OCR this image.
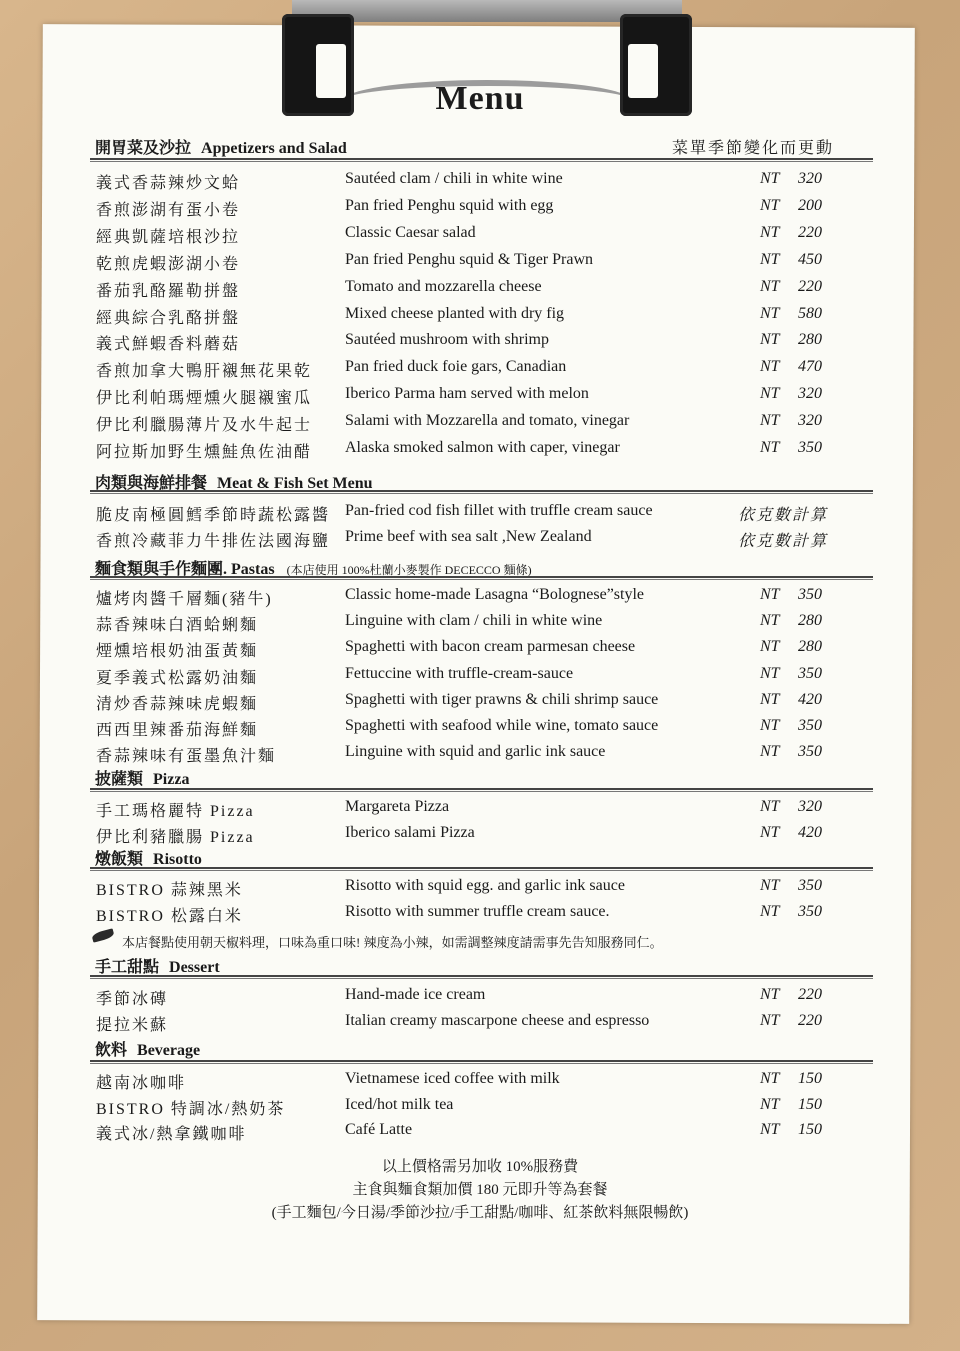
Menu
開胃菜及沙拉 Appetizers and Salad	菜單季節變化而更動
義式香蒜辣炒文蛤	Sautéed clam / chili in white wine	NT 320
香煎澎湖有蛋小卷	Pan fried Penghu squid with egg	NT 200
經典凱薩培根沙拉	Classic Caesar salad	NT 220
乾煎虎蝦澎湖小卷	Pan fried Penghu squid & Tiger Prawn	NT 450
番茄乳酪羅勒拼盤	Tomato and mozzarella cheese	NT 220
經典綜合乳酪拼盤	Mixed cheese planted with dry fig	NT 580
義式鮮蝦香料蘑菇	Sautéed mushroom with shrimp	NT 280
香煎加拿大鴨肝襯無花果乾 Pan fried duck foie gars, Canadian	NT 470
伊比利帕瑪煙燻火腿襯蜜瓜 Iberico Parma ham served with melon	NT 320
伊比利臘腸薄片及水牛起士 Salami with Mozzarella and tomato, vinegar	NT 320
阿拉斯加野生燻鮭魚佐油醋 Alaska smoked salmon with caper, vinegar	NT 350
肉類與海鮮排餐 Meat & Fish Set Menu
脆皮南極圓鱈季節時蔬松露醬 Pan-fried cod fish fillet with truffle cream sauce	依克數計算
香煎冷藏菲力牛排佐法國海鹽 Prime beef with sea salt ,New Zealand	依克數計算
麵食類與手作麵團. Pastas (本店使用 100%杜蘭小麥製作 DECECCO 麵條)
爐烤肉醬千層麵(豬牛)	Classic home-made Lasagna “Bolognese”style	NT 350
蒜香辣味白酒蛤蜊麵	Linguine with clam / chili in white wine	NT 280
煙燻培根奶油蛋黃麵	Spaghetti with bacon cream parmesan cheese	NT 280
夏季義式松露奶油麵	Fettuccine with truffle-cream-sauce	NT 350
清炒香蒜辣味虎蝦麵	Spaghetti with tiger prawns & chili shrimp sauce	NT 420
西西里辣番茄海鮮麵	Spaghetti with seafood while wine, tomato sauce	NT 350
香蒜辣味有蛋墨魚汁麵	Linguine with squid and garlic ink sauce	NT 350
披薩類 Pizza
手工瑪格麗特 Pizza	Margareta Pizza	NT 320
伊比利豬臘腸 Pizza	Iberico salami Pizza	NT 420
燉飯類 Risotto
BISTRO 蒜辣黑米	Risotto with squid egg. and garlic ink sauce	NT 350
BISTRO 松露白米	Risotto with summer truffle cream sauce.	NT 350
本店餐點使用朝天椒料理，口味為重口味! 辣度為小辣，如需調整辣度請需事先告知服務同仁。
手工甜點 Dessert
季節冰磚	Hand-made ice cream	NT 220
提拉米蘇	Italian creamy mascarpone cheese and espresso	NT 220
飲料 Beverage
越南冰咖啡	Vietnamese iced coffee with milk	NT 150
BISTRO 特調冰/熱奶茶	Iced/hot milk tea	NT 150
義式冰/熱拿鐵咖啡	Café Latte	NT 150
以上價格需另加收 10%服務費
主食與麵食類加價 180 元即升等為套餐
(手工麵包/今日湯/季節沙拉/手工甜點/咖啡、紅茶飲料無限暢飲)
